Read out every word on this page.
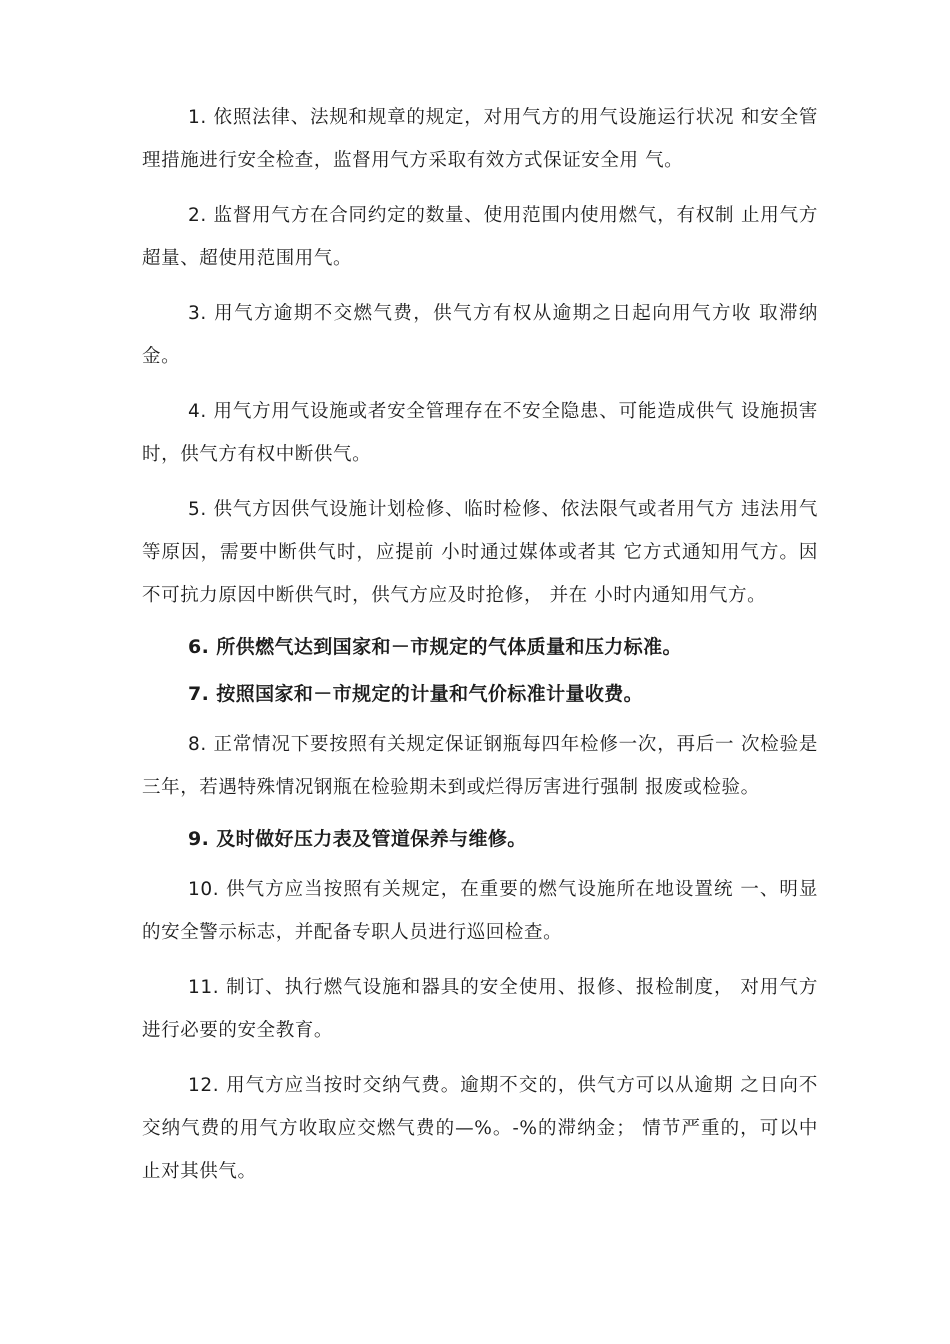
1. 依照法律、法规和规章的规定，对用气方的用气设施运行状况 和安全管理措施进行安全检查，监督用气方采取有效方式保证安全用 气。

2. 监督用气方在合同约定的数量、使用范围内使用燃气，有权制 止用气方超量、超使用范围用气。

3. 用气方逾期不交燃气费，供气方有权从逾期之日起向用气方收 取滞纳金。

4. 用气方用气设施或者安全管理存在不安全隐患、可能造成供气 设施损害时，供气方有权中断供气。

5. 供气方因供气设施计划检修、临时检修、依法限气或者用气方 违法用气等原因，需要中断供气时，应提前 小时通过媒体或者其 它方式通知用气方。因不可抗力原因中断供气时，供气方应及时抢修， 并在 小时内通知用气方。

6. 所供燃气达到国家和－市规定的气体质量和压力标准。

7. 按照国家和－市规定的计量和气价标准计量收费。

8. 正常情况下要按照有关规定保证钢瓶每四年检修一次，再后一 次检验是三年，若遇特殊情况钢瓶在检验期未到或烂得厉害进行强制 报废或检验。

9. 及时做好压力表及管道保养与维修。

10. 供气方应当按照有关规定，在重要的燃气设施所在地设置统 一、明显的安全警示标志，并配备专职人员进行巡回检查。

11. 制订、执行燃气设施和器具的安全使用、报修、报检制度， 对用气方进行必要的安全教育。

12. 用气方应当按时交纳气费。逾期不交的，供气方可以从逾期 之日向不交纳气费的用气方收取应交燃气费的—%。-%的滞纳金； 情节严重的，可以中止对其供气。
